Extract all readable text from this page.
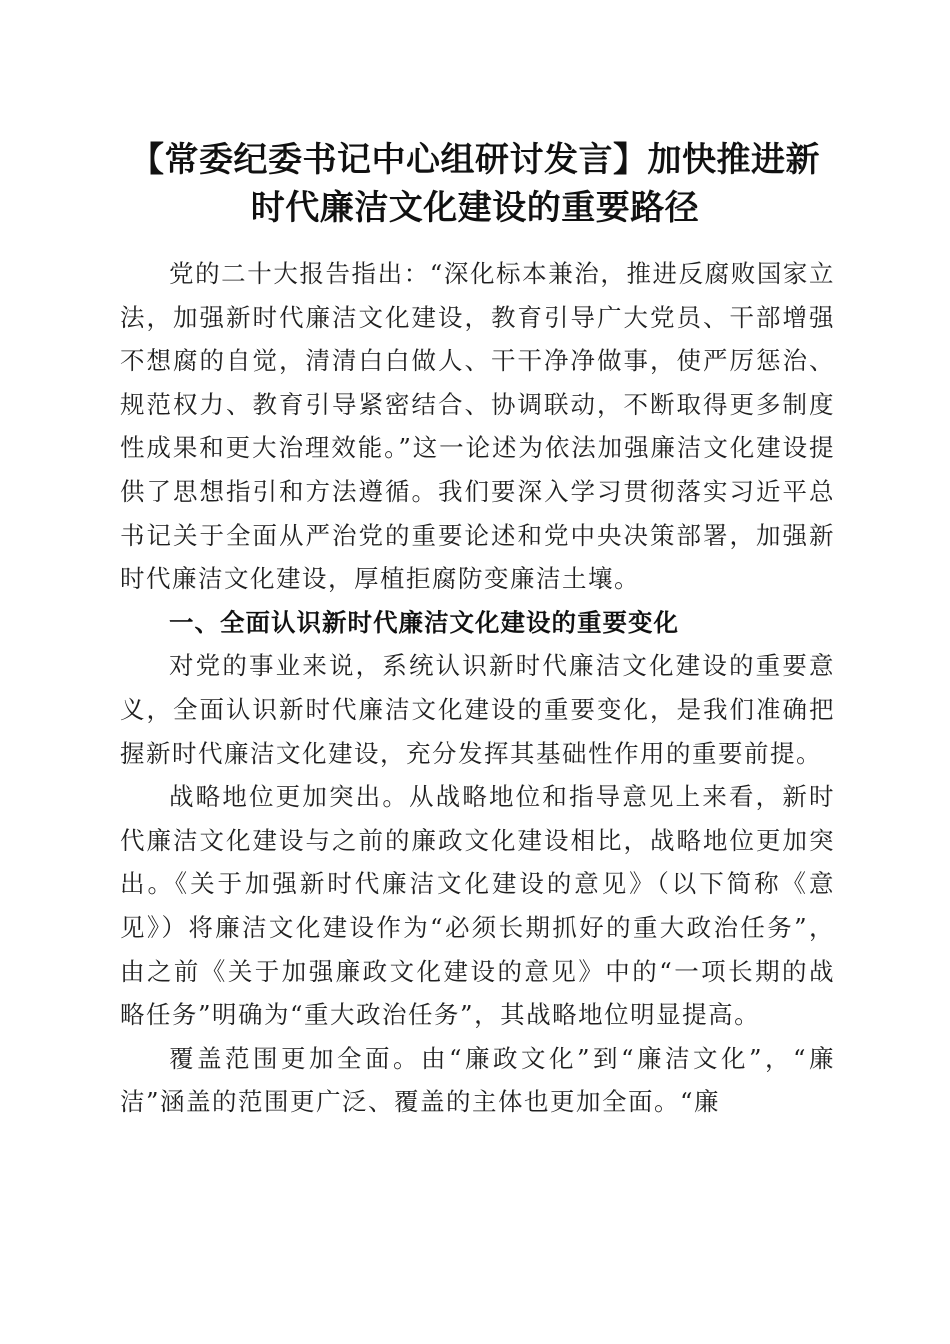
【常委纪委书记中心组研讨发言】加快推进新
时代廉洁文化建设的重要路径

党的二十大报告指出：“深化标本兼治，推进反腐败国家立法，加强新时代廉洁文化建设，教育引导广大党员、干部增强不想腐的自觉，清清白白做人、干干净净做事，使严厉惩治、规范权力、教育引导紧密结合、协调联动，不断取得更多制度性成果和更大治理效能。”这一论述为依法加强廉洁文化建设提供了思想指引和方法遵循。我们要深入学习贯彻落实习近平总书记关于全面从严治党的重要论述和党中央决策部署，加强新时代廉洁文化建设，厚植拒腐防变廉洁土壤。

一、全面认识新时代廉洁文化建设的重要变化

对党的事业来说，系统认识新时代廉洁文化建设的重要意义，全面认识新时代廉洁文化建设的重要变化，是我们准确把握新时代廉洁文化建设，充分发挥其基础性作用的重要前提。

战略地位更加突出。从战略地位和指导意见上来看，新时代廉洁文化建设与之前的廉政文化建设相比，战略地位更加突出。《关于加强新时代廉洁文化建设的意见》（以下简称《意见》）将廉洁文化建设作为“必须长期抓好的重大政治任务”，由之前《关于加强廉政文化建设的意见》中的“一项长期的战略任务”明确为“重大政治任务”，其战略地位明显提高。

覆盖范围更加全面。由“廉政文化”到“廉洁文化”，“廉洁”涵盖的范围更广泛、覆盖的主体也更加全面。“廉
